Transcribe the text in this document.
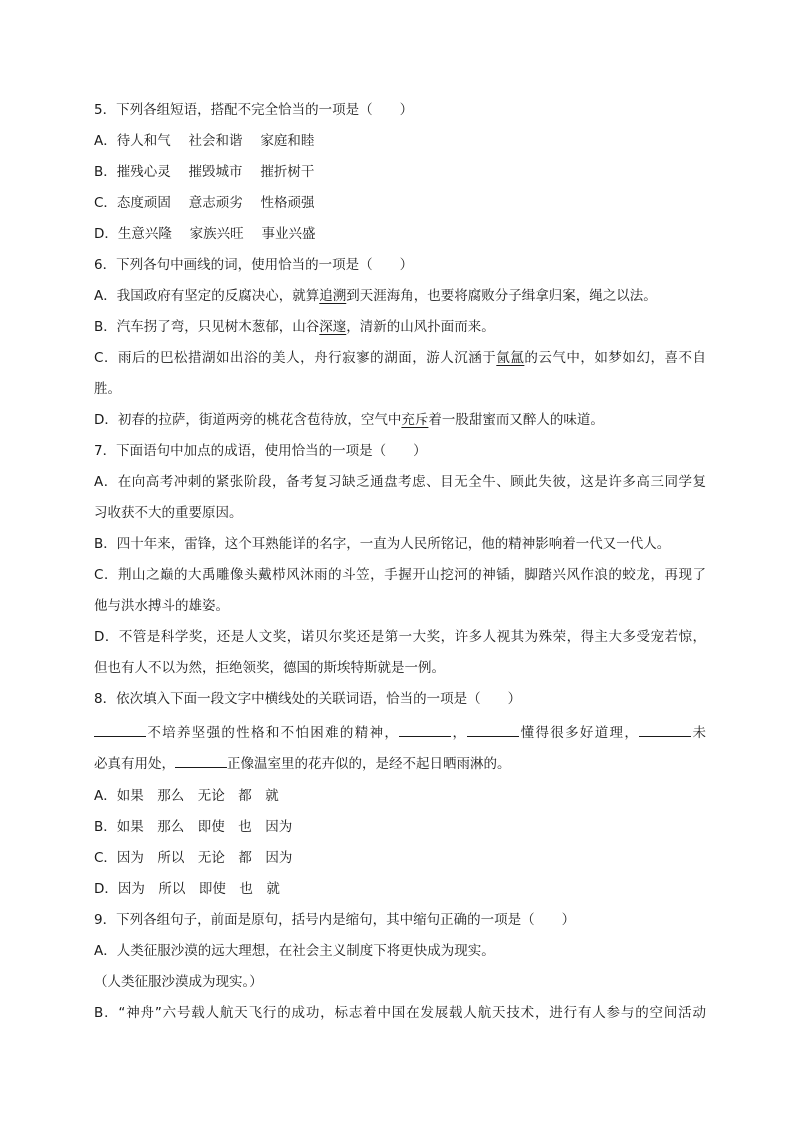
5．下列各组短语，搭配不完全恰当的一项是（　　）
A．待人和气　 社会和谐　 家庭和睦
B．摧残心灵　 摧毁城市　 摧折树干
C．态度顽固　 意志顽劣　 性格顽强
D．生意兴隆　 家族兴旺　 事业兴盛
6．下列各句中画线的词，使用恰当的一项是（　　）
A．我国政府有坚定的反腐决心，就算追溯到天涯海角，也要将腐败分子缉拿归案，绳之以法。
B．汽车拐了弯，只见树木葱郁，山谷深邃，清新的山风扑面而来。
C．雨后的巴松措湖如出浴的美人，舟行寂寥的湖面，游人沉涵于氤氲的云气中，如梦如幻，喜不自
胜。
D．初春的拉萨，街道两旁的桃花含苞待放，空气中充斥着一股甜蜜而又醉人的味道。
7．下面语句中加点的成语，使用恰当的一项是（　　）
A．在向高考冲刺的紧张阶段，备考复习缺乏通盘考虑、目无全牛、顾此失彼，这是许多高三同学复
习收获不大的重要原因。
B．四十年来，雷锋，这个耳熟能详的名字，一直为人民所铭记，他的精神影响着一代又一代人。
C．荆山之巅的大禹雕像头戴栉风沐雨的斗笠，手握开山挖河的神锸，脚踏兴风作浪的蛟龙，再现了
他与洪水搏斗的雄姿。
D．不管是科学奖，还是人文奖，诺贝尔奖还是第一大奖，许多人视其为殊荣，得主大多受宠若惊，
但也有人不以为然，拒绝领奖，德国的斯埃特斯就是一例。
8．依次填入下面一段文字中横线处的关联词语，恰当的一项是（　　）
不培养坚强的性格和不怕困难的精神，	，	懂得很多好道理，	未
必真有用处，	正像温室里的花卉似的，是经不起日晒雨淋的。
A．如果　那么　无论　都　就
B．如果　那么　即使　也　因为
C．因为　所以　无论　都　因为
D．因为　所以　即使　也　就
9．下列各组句子，前面是原句，括号内是缩句，其中缩句正确的一项是（　　）
A．人类征服沙漠的远大理想，在社会主义制度下将更快成为现实。
（人类征服沙漠成为现实。）
B．“神舟”六号载人航天飞行的成功，标志着中国在发展载人航天技术，进行有人参与的空间活动
